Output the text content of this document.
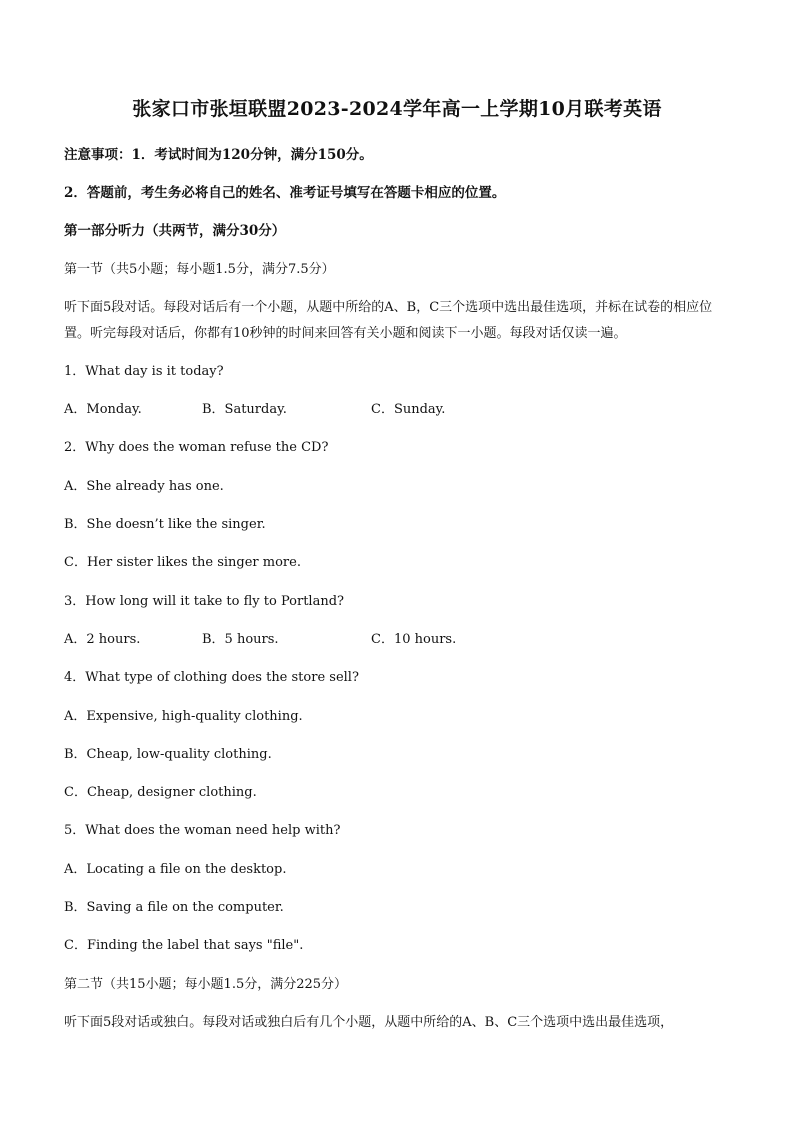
张家口市张垣联盟2023-2024学年高一上学期10月联考英语
注意事项：1．考试时间为120分钟，满分150分。
2．答题前，考生务必将自己的姓名、准考证号填写在答题卡相应的位置。
第一部分听力（共两节，满分30分）
第一节（共5小题；每小题1.5分，满分7.5分）
听下面5段对话。每段对话后有一个小题，从题中所给的A、B，C三个选项中选出最佳选项，并标在试卷的相应位置。听完每段对话后，你都有10秒钟的时间来回答有关小题和阅读下一小题。每段对话仅读一遍。
1．What day is it today?
A．Monday.	B．Saturday.	C．Sunday.
2．Why does the woman refuse the CD?
A．She already has one.
B．She doesn’t like the singer.
C．Her sister likes the singer more.
3．How long will it take to fly to Portland?
A．2 hours.	B．5 hours.	C．10 hours.
4．What type of clothing does the store sell?
A．Expensive, high-quality clothing.
B．Cheap, low-quality clothing.
C．Cheap, designer clothing.
5．What does the woman need help with?
A．Locating a file on the desktop.
B．Saving a file on the computer.
C．Finding the label that says "file".
第二节（共15小题；每小题1.5分，满分225分）
听下面5段对话或独白。每段对话或独白后有几个小题，从题中所给的A、B、C三个选项中选出最佳选项，
